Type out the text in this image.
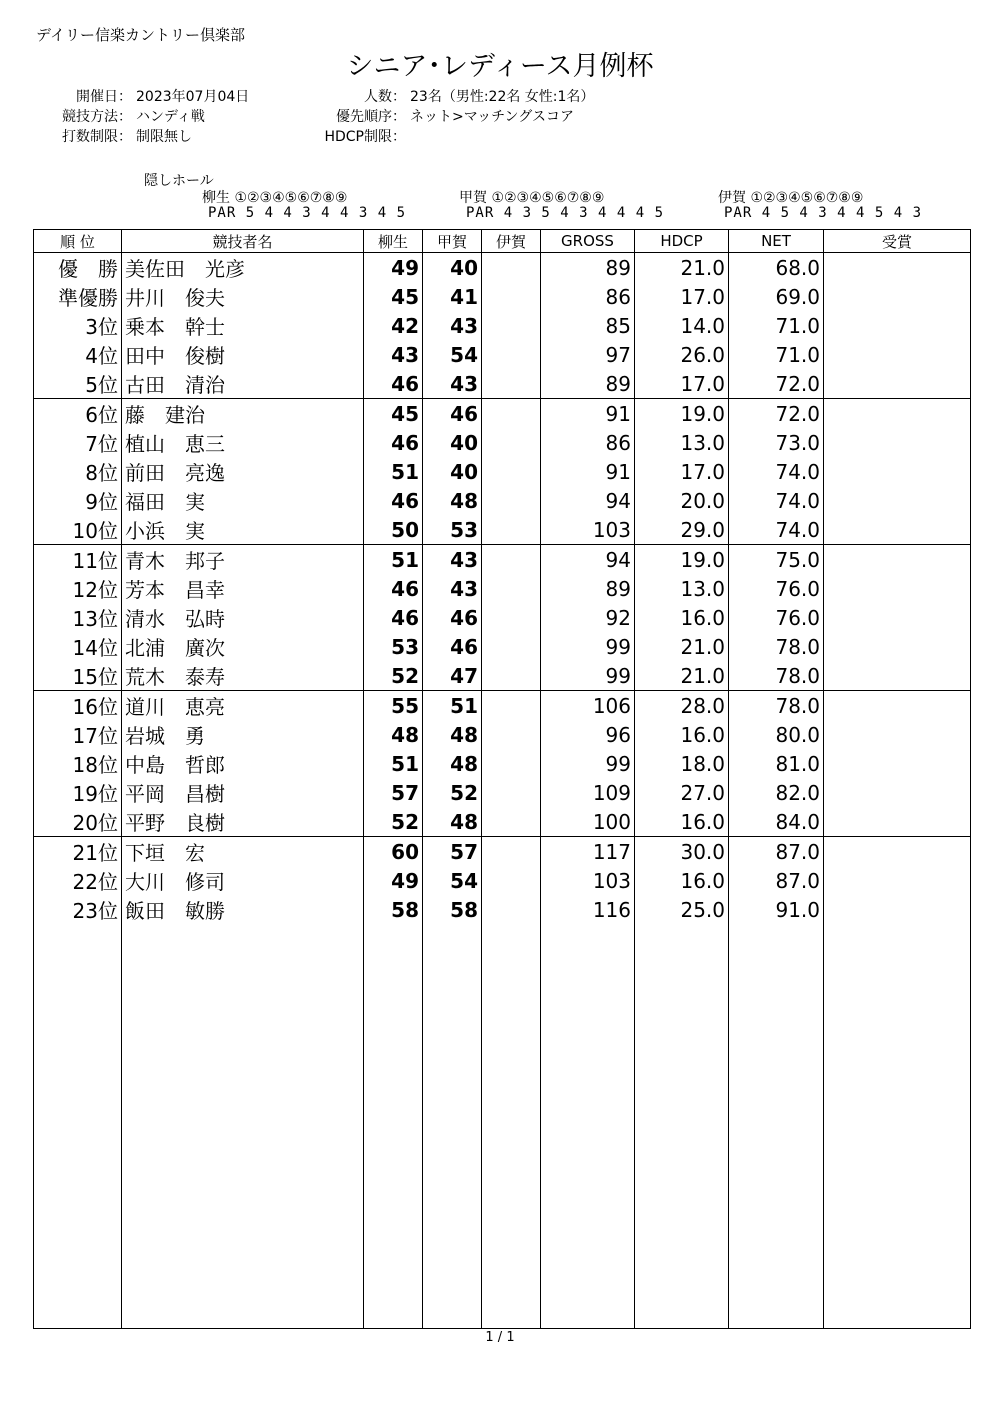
デイリー信楽カントリー倶楽部
シニア･レディース月例杯
開催日： 2023年07月04日
競技方法： ハンディ戦
打数制限： 制限無し
人数： 23名（男性:22名 女性:1名）
優先順序： ネット>マッチングスコア
HDCP制限：
隠しホール
柳生 ①②③④⑤⑥⑦⑧⑨
PAR 5 4 4 3 4 4 3 4 5
甲賀 ①②③④⑤⑥⑦⑧⑨
PAR 4 3 5 4 3 4 4 4 5
伊賀 ①②③④⑤⑥⑦⑧⑨
PAR 4 5 4 3 4 4 5 4 3
順 位	競技者名	柳生	甲賀	伊賀	GROSS	HDCP	NET	受賞
優　勝	美佐田　光彦	49	40		89	21.0	68.0	
準優勝	井川　俊夫	45	41		86	17.0	69.0	
3位	乗本　幹士	42	43		85	14.0	71.0	
4位	田中　俊樹	43	54		97	26.0	71.0	
5位	古田　清治	46	43		89	17.0	72.0	
6位	藤　建治	45	46		91	19.0	72.0	
7位	植山　恵三	46	40		86	13.0	73.0	
8位	前田　亮逸	51	40		91	17.0	74.0	
9位	福田　実	46	48		94	20.0	74.0	
10位	小浜　実	50	53		103	29.0	74.0	
11位	青木　邦子	51	43		94	19.0	75.0	
12位	芳本　昌幸	46	43		89	13.0	76.0	
13位	清水　弘時	46	46		92	16.0	76.0	
14位	北浦　廣次	53	46		99	21.0	78.0	
15位	荒木　泰寿	52	47		99	21.0	78.0	
16位	道川　恵亮	55	51		106	28.0	78.0	
17位	岩城　勇	48	48		96	16.0	80.0	
18位	中島　哲郎	51	48		99	18.0	81.0	
19位	平岡　昌樹	57	52		109	27.0	82.0	
20位	平野　良樹	52	48		100	16.0	84.0	
21位	下垣　宏	60	57		117	30.0	87.0	
22位	大川　修司	49	54		103	16.0	87.0	
23位	飯田　敏勝	58	58		116	25.0	91.0	

1 / 1
